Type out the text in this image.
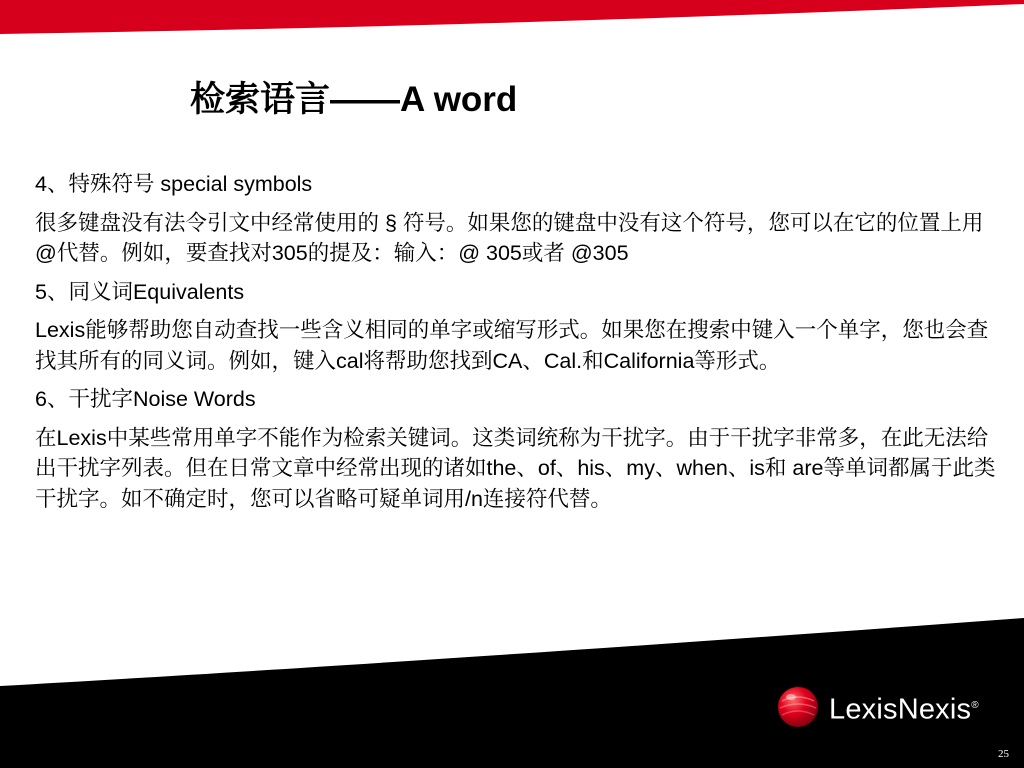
检索语言——A word

4、特殊符号 special symbols

很多键盘没有法令引文中经常使用的 § 符号。如果您的键盘中没有这个符号，您可以在它的位置上用@代替。例如，要查找对305的提及：输入：@ 305或者 @305

5、同义词Equivalents

Lexis能够帮助您自动查找一些含义相同的单字或缩写形式。如果您在搜索中键入一个单字，您也会查找其所有的同义词。例如，键入cal将帮助您找到CA、Cal.和California等形式。

6、干扰字Noise Words

在Lexis中某些常用单字不能作为检索关键词。这类词统称为干扰字。由于干扰字非常多，在此无法给出干扰字列表。但在日常文章中经常出现的诸如the、of、his、my、when、is和 are等单词都属于此类干扰字。如不确定时，您可以省略可疑单词用/n连接符代替。

LexisNexis®
25
